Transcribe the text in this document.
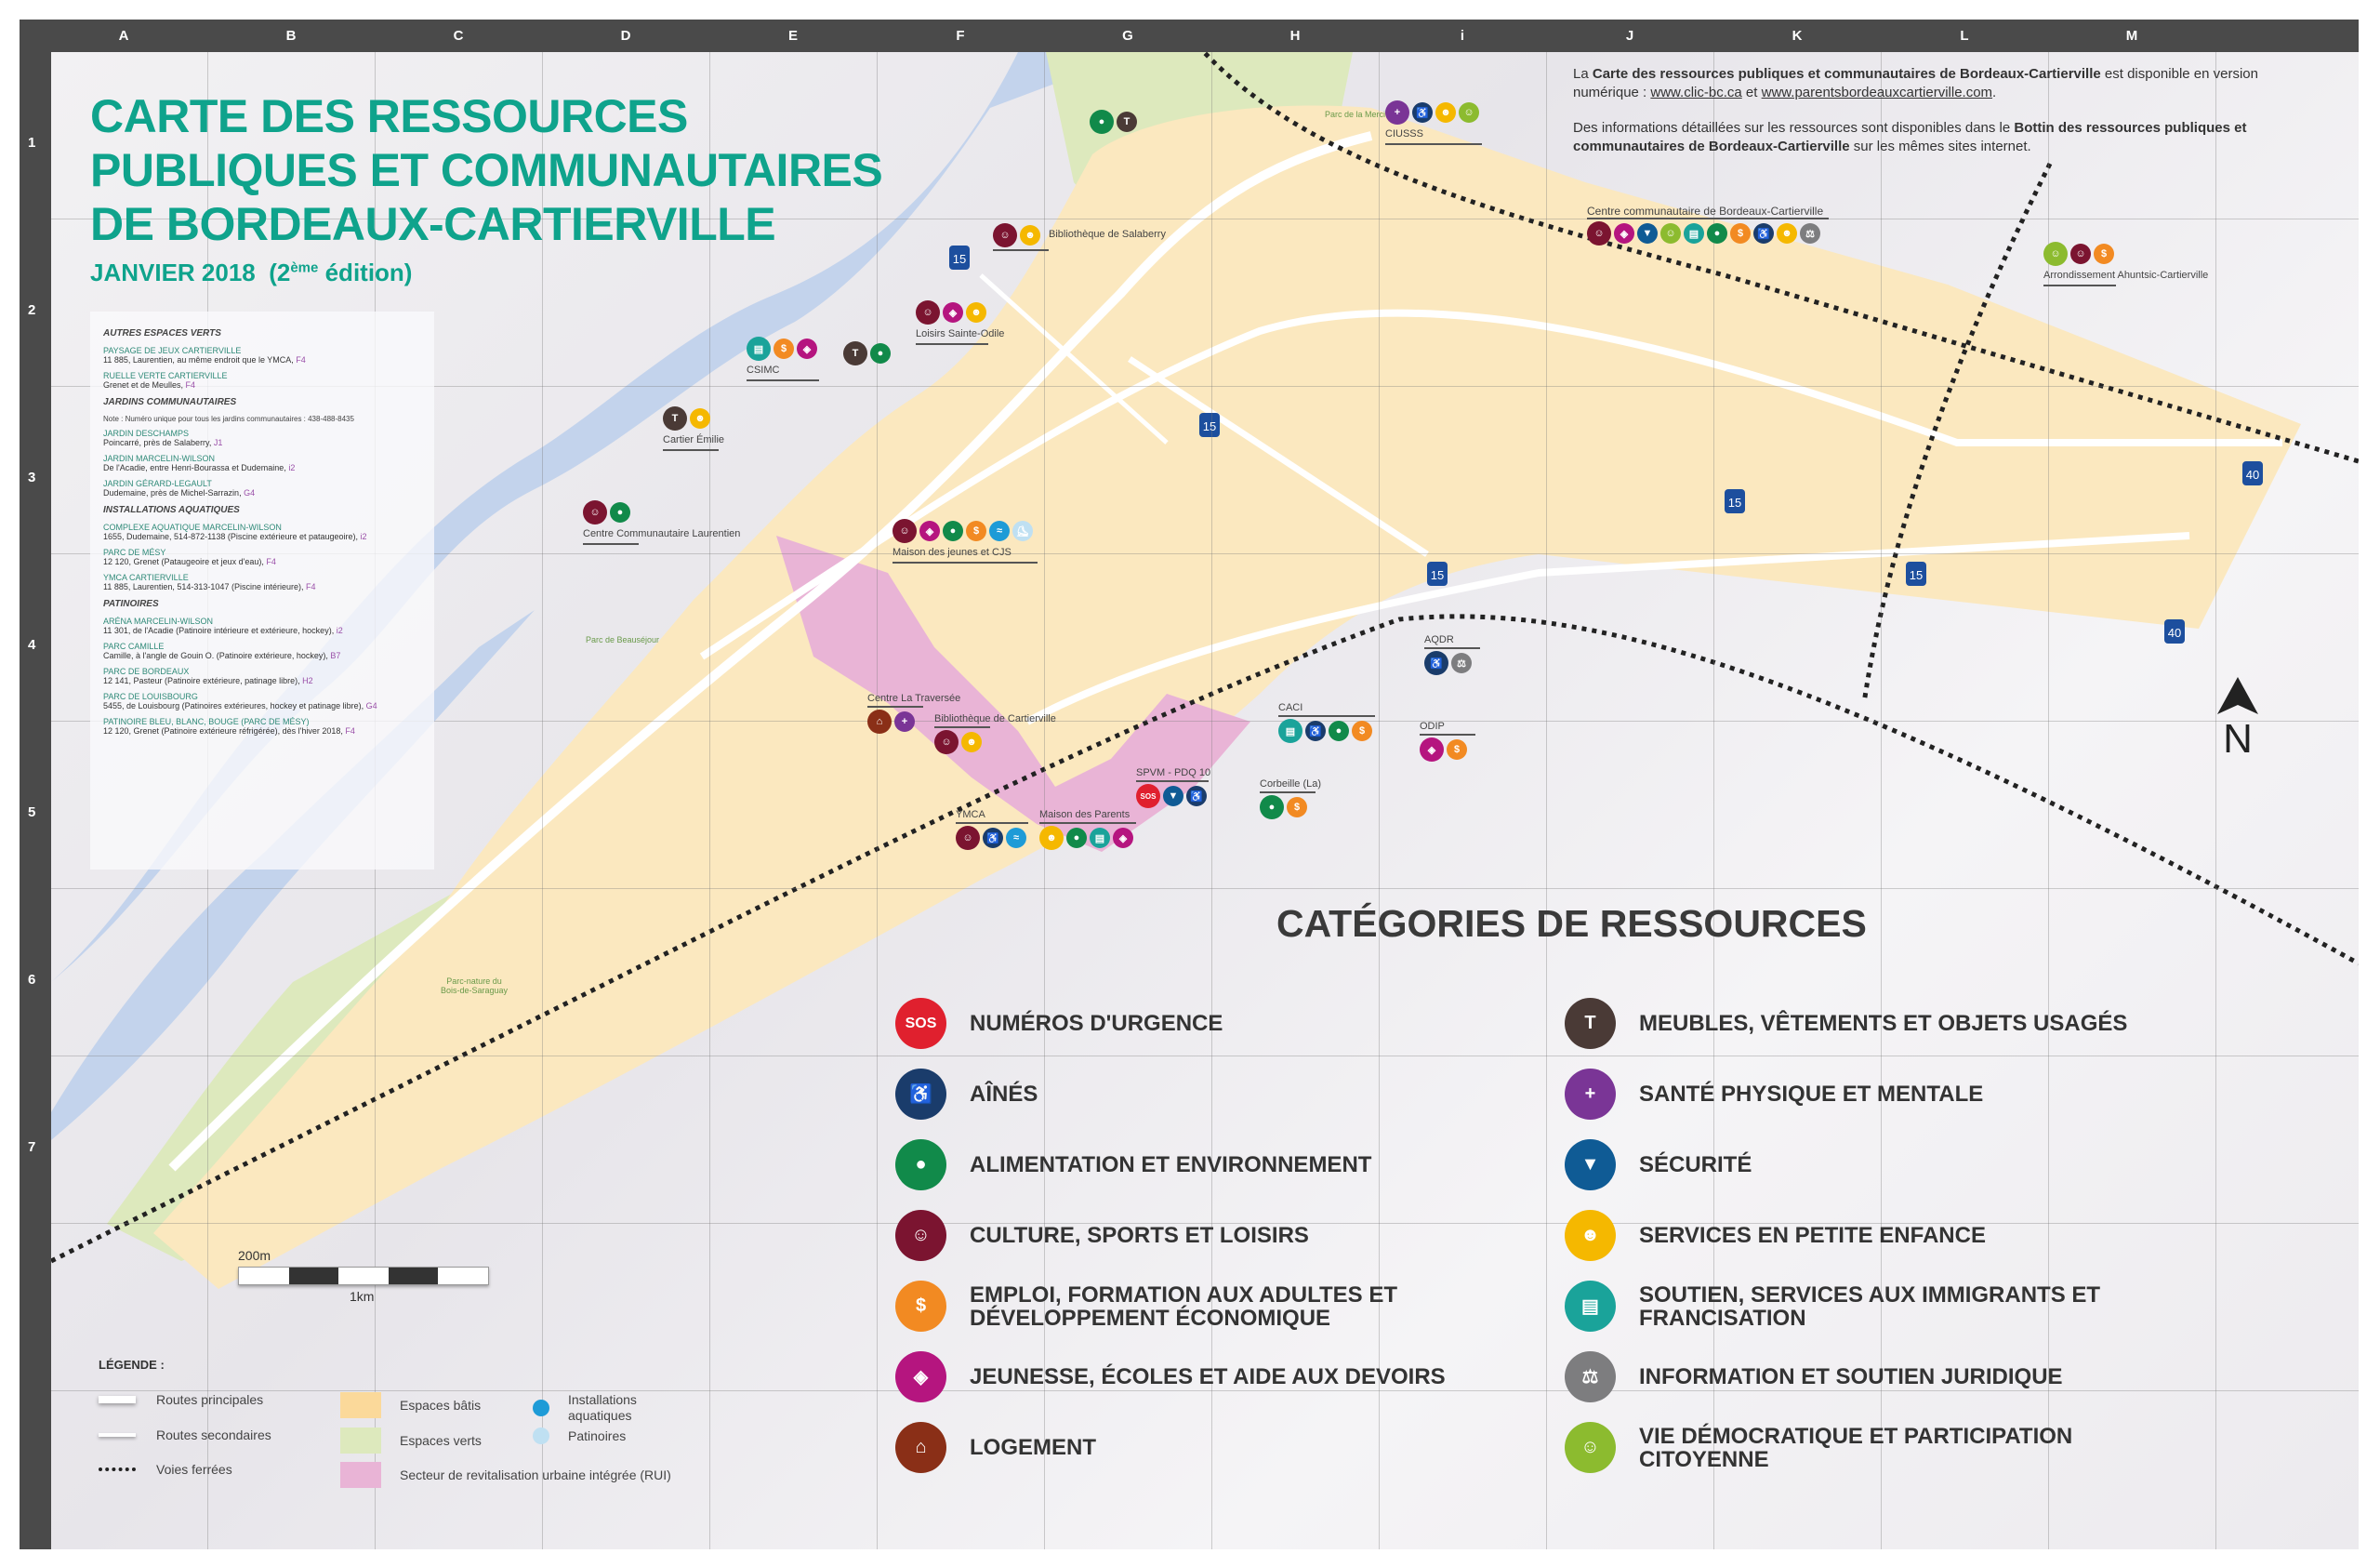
A	B	C	D	E	F	G	H	i	J	K	L	M
1
2
3
4
5
6
7
15
15
15
15
15
40
40
CARTE DES RESSOURCES
PUBLIQUES ET COMMUNAUTAIRES
DE BORDEAUX-CARTIERVILLE
JANVIER 2018 (2ème édition)
AUTRES ESPACES VERTS
PAYSAGE DE JEUX CARTIERVILLE
11 885, Laurentien, au même endroit que le YMCA, F4
RUELLE VERTE CARTIERVILLE
Grenet et de Meulles, F4
JARDINS COMMUNAUTAIRES
Note : Numéro unique pour tous les jardins communautaires : 438-488-8435
JARDIN DESCHAMPS
Poincarré, près de Salaberry, J1
JARDIN MARCELIN-WILSON
De l'Acadie, entre Henri-Bourassa et Dudemaine, i2
JARDIN GÉRARD-LEGAULT
Dudemaine, près de Michel-Sarrazin, G4
INSTALLATIONS AQUATIQUES
COMPLEXE AQUATIQUE MARCELIN-WILSON
1655, Dudemaine, 514-872-1138 (Piscine extérieure et pataugeoire), i2
PARC DE MÉSY
12 120, Grenet (Pataugeoire et jeux d'eau), F4
YMCA CARTIERVILLE
11 885, Laurentien, 514-313-1047 (Piscine intérieure), F4
PATINOIRES
ARÉNA MARCELIN-WILSON
11 301, de l'Acadie (Patinoire intérieure et extérieure, hockey), i2
PARC CAMILLE
Camille, à l'angle de Gouin O. (Patinoire extérieure, hockey), B7
PARC DE BORDEAUX
12 141, Pasteur (Patinoire extérieure, patinage libre), H2
PARC DE LOUISBOURG
5455, de Louisbourg (Patinoires extérieures, hockey et patinage libre), G4
PATINOIRE BLEU, BLANC, BOUGE (PARC DE MÉSY)
12 120, Grenet (Patinoire extérieure réfrigérée), dès l'hiver 2018, F4

La Carte des ressources publiques et communautaires de Bordeaux-Cartierville est disponible en version numérique : www.clic-bc.ca et www.parentsbordeauxcartierville.com.

Des informations détaillées sur les ressources sont disponibles dans le Bottin des ressources publiques et communautaires de Bordeaux-Cartierville sur les mêmes sites internet.

●	T
+	♿	☻	☺
CIUSSS
☺	☻	Bibliothèque de Salaberry
☺	◈	☻
Loisirs Sainte-Odile
▤	$	◈
CSIMC
T	●
T	☻
Cartier Émilie
☺	●
Centre Communautaire Laurentien	☺	◈	●	$	≈	⛸
Maison des jeunes et CJS
☺	◈	▼	☺	▤	●	$	♿	☻	⚖
Centre communautaire de Bordeaux-Cartierville
☺	☺	$
Arrondissement Ahuntsic-Cartierville
⌂	+
Centre La Traversée
☺	☻
Bibliothèque de Cartierville
☺	♿	≈
YMCA
☻	●	▤	◈
Maison des Parents
SOS	▼	♿
SPVM - PDQ 10
●	$
Corbeille (La)
▤	♿	●	$
CACI
♿	⚖
AQDR
◈	$
ODIP
Parc de la Merci
Parc de Beauséjour
Parc-nature du Bois-de-Saraguay
N
200m
1km
LÉGENDE :
Routes principales
Routes secondaires
Voies ferrées
Espaces bâtis
Espaces verts
Secteur de revitalisation urbaine intégrée (RUI)
Installations aquatiques
Patinoires
CATÉGORIES DE RESSOURCES
SOS	NUMÉROS D'URGENCE
♿	AÎNÉS
●	ALIMENTATION ET ENVIRONNEMENT
☺	CULTURE, SPORTS ET LOISIRS
$	EMPLOI, FORMATION AUX ADULTES ET DÉVELOPPEMENT ÉCONOMIQUE
◈	JEUNESSE, ÉCOLES ET AIDE AUX DEVOIRS
⌂	LOGEMENT
T	MEUBLES, VÊTEMENTS ET OBJETS USAGÉS
+	SANTÉ PHYSIQUE ET MENTALE
▼	SÉCURITÉ
☻	SERVICES EN PETITE ENFANCE
▤	SOUTIEN, SERVICES AUX IMMIGRANTS ET FRANCISATION
⚖	INFORMATION ET SOUTIEN JURIDIQUE
☺	VIE DÉMOCRATIQUE ET PARTICIPATION CITOYENNE
